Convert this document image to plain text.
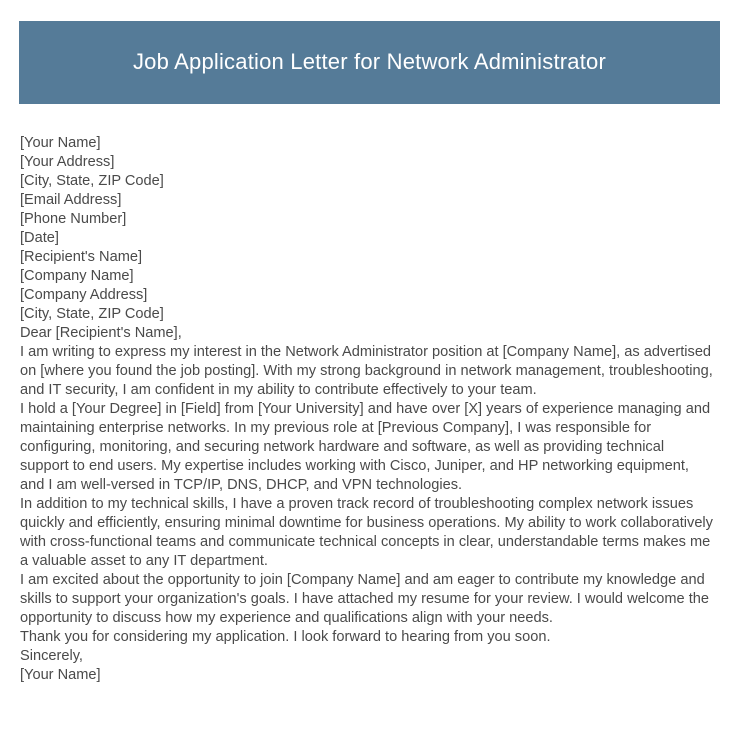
Job Application Letter for Network Administrator
[Your Name]
[Your Address]
[City, State, ZIP Code]
[Email Address]
[Phone Number]
[Date]
[Recipient's Name]
[Company Name]
[Company Address]
[City, State, ZIP Code]
Dear [Recipient's Name],

I am writing to express my interest in the Network Administrator position at [Company Name], as advertised on [where you found the job posting]. With my strong background in network management, troubleshooting, and IT security, I am confident in my ability to contribute effectively to your team.

I hold a [Your Degree] in [Field] from [Your University] and have over [X] years of experience managing and maintaining enterprise networks. In my previous role at [Previous Company], I was responsible for configuring, monitoring, and securing network hardware and software, as well as providing technical support to end users. My expertise includes working with Cisco, Juniper, and HP networking equipment, and I am well-versed in TCP/IP, DNS, DHCP, and VPN technologies.

In addition to my technical skills, I have a proven track record of troubleshooting complex network issues quickly and efficiently, ensuring minimal downtime for business operations. My ability to work collaboratively with cross-functional teams and communicate technical concepts in clear, understandable terms makes me a valuable asset to any IT department.

I am excited about the opportunity to join [Company Name] and am eager to contribute my knowledge and skills to support your organization's goals. I have attached my resume for your review. I would welcome the opportunity to discuss how my experience and qualifications align with your needs.

Thank you for considering my application. I look forward to hearing from you soon.

Sincerely,
[Your Name]
